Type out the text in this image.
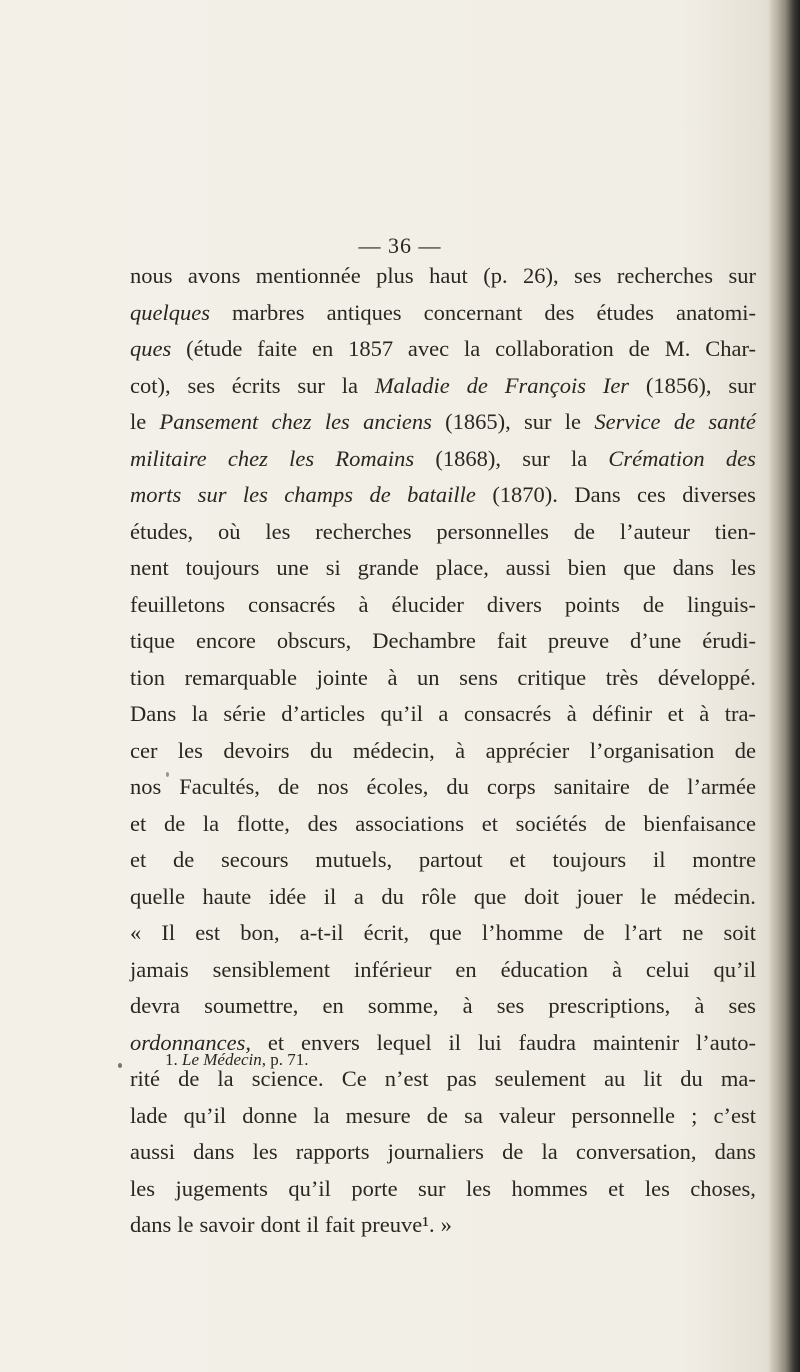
— 36 —
nous avons mentionnée plus haut (p. 26), ses recherches sur
quelques marbres antiques concernant des études anatomi-
ques (étude faite en 1857 avec la collaboration de M. Char-
cot), ses écrits sur la Maladie de François Ier (1856), sur
le Pansement chez les anciens (1865), sur le Service de santé
militaire chez les Romains (1868), sur la Crémation des
morts sur les champs de bataille (1870). Dans ces diverses
études, où les recherches personnelles de l’auteur tien-
nent toujours une si grande place, aussi bien que dans les
feuilletons consacrés à élucider divers points de linguis-
tique encore obscurs, Dechambre fait preuve d’une érudi-
tion remarquable jointe à un sens critique très développé.
Dans la série d’articles qu’il a consacrés à définir et à tra-
cer les devoirs du médecin, à apprécier l’organisation de
nos Facultés, de nos écoles, du corps sanitaire de l’armée
et de la flotte, des associations et sociétés de bienfaisance
et de secours mutuels, partout et toujours il montre
quelle haute idée il a du rôle que doit jouer le médecin.
« Il est bon, a-t-il écrit, que l’homme de l’art ne soit
jamais sensiblement inférieur en éducation à celui qu’il
devra soumettre, en somme, à ses prescriptions, à ses
ordonnances, et envers lequel il lui faudra maintenir l’auto-
rité de la science. Ce n’est pas seulement au lit du ma-
lade qu’il donne la mesure de sa valeur personnelle ; c’est
aussi dans les rapports journaliers de la conversation, dans
les jugements qu’il porte sur les hommes et les choses,
dans le savoir dont il fait preuve¹. »
1. Le Médecin, p. 71.
